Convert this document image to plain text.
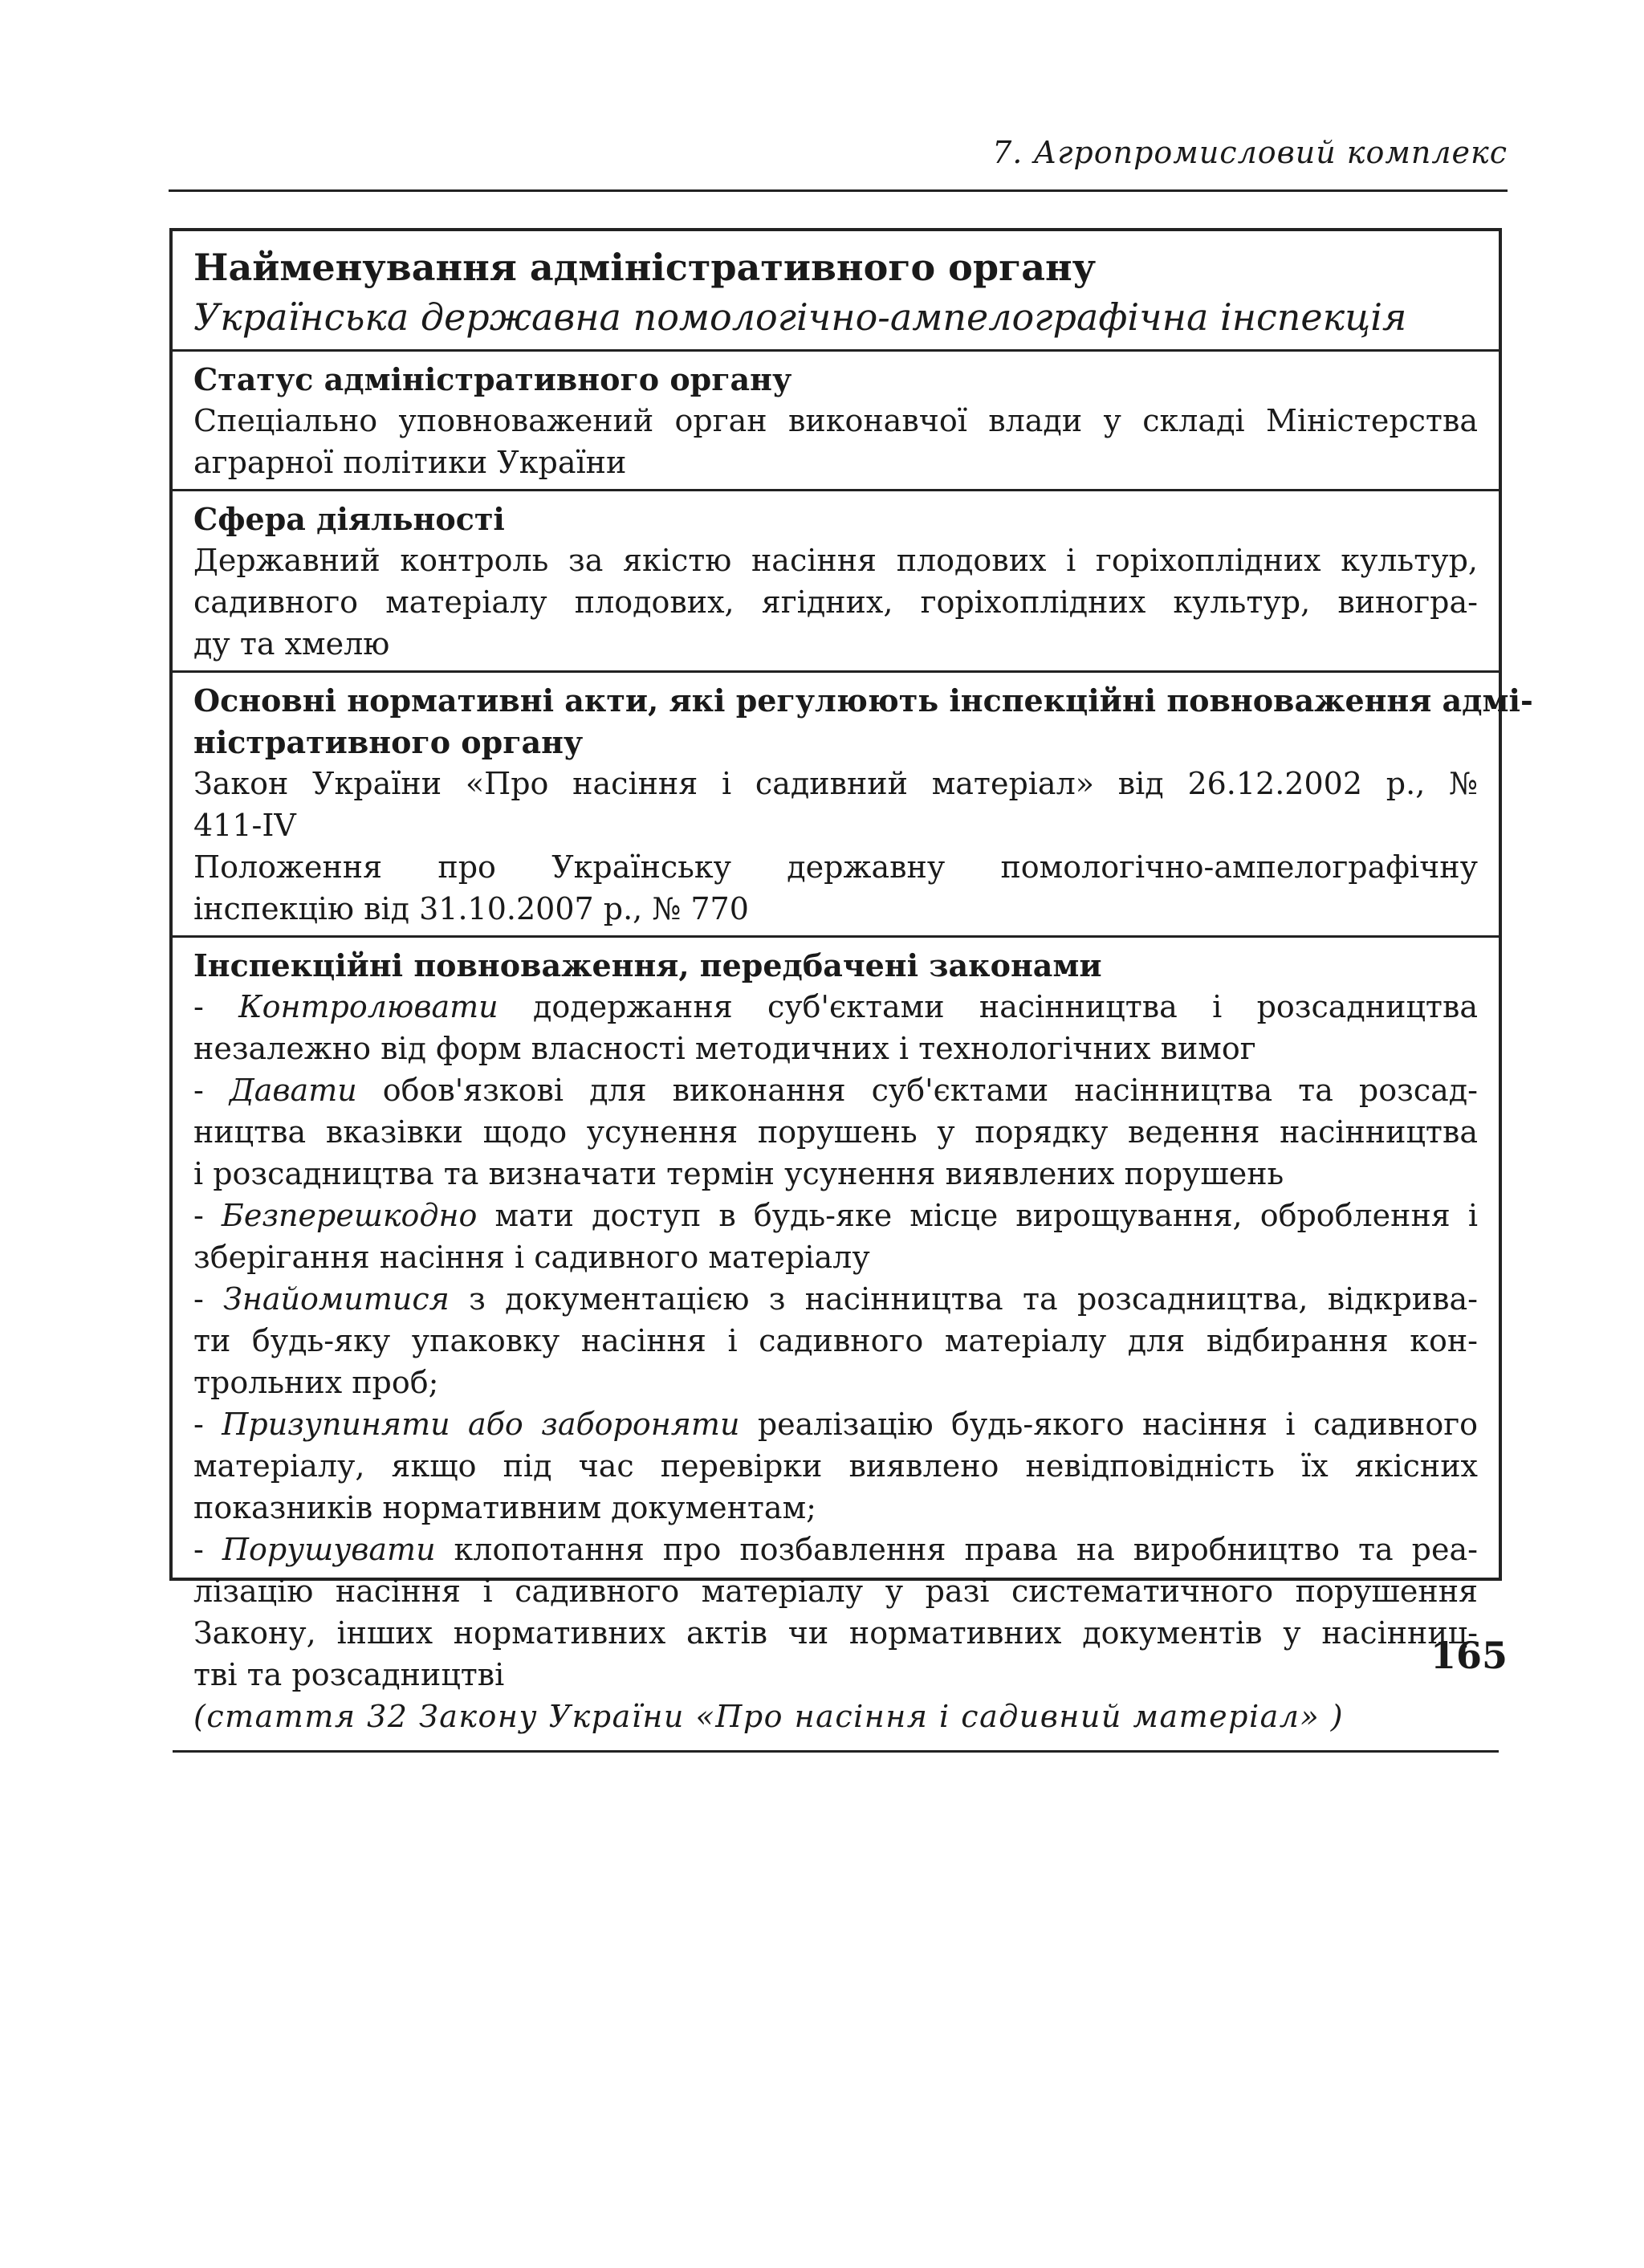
7. Агропромисловий комплекс
Найменування адміністративного органу
Українська державна помологічно-ампелографічна інспекція
Статус адміністративного органу
Спеціально уповноважений орган виконавчої влади у складі Міністерства
аграрної політики України
Сфера діяльності
Державний контроль за якістю насіння плодових і горіхоплідних культур,
садивного матеріалу плодових, ягідних, горіхоплідних культур, виногра-
ду та хмелю
Основні нормативні акти, які регулюють інспекційні повноваження адмі-
ністративного органу
Закон України «Про насіння і садивний матеріал» від 26.12.2002 р., №
411-IV
Положення про Українську державну помологічно-ампелографічну
інспекцію від 31.10.2007 р., № 770
Інспекційні повноваження, передбачені законами
- Контролювати додержання суб'єктами насінництва і розсадництва
незалежно від форм власності методичних і технологічних вимог
- Давати обов'язкові для виконання суб'єктами насінництва та розсад-
ництва вказівки щодо усунення порушень у порядку ведення насінництва
і розсадництва та визначати термін усунення виявлених порушень
- Безперешкодно мати доступ в будь-яке місце вирощування, оброблення і
зберігання насіння і садивного матеріалу
- Знайомитися з документацією з насінництва та розсадництва, відкрива-
ти будь-яку упаковку насіння і садивного матеріалу для відбирання кон-
трольних проб;
- Призупиняти або забороняти реалізацію будь-якого насіння і садивного
матеріалу, якщо під час перевірки виявлено невідповідність їх якісних
показників нормативним документам;
- Порушувати клопотання про позбавлення права на виробництво та реа-
лізацію насіння і садивного матеріалу у разі систематичного порушення
Закону, інших нормативних актів чи нормативних документів у насінниц-
тві та розсадництві
(стаття 32 Закону України «Про насіння і садивний матеріал» )
165
